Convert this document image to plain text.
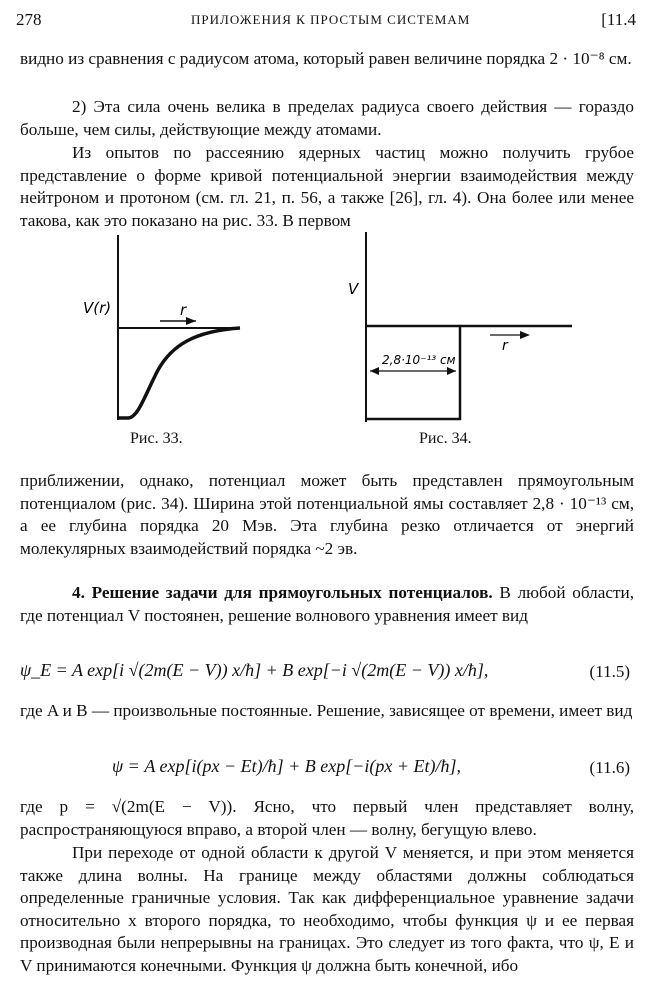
278	ПРИЛОЖЕНИЯ К ПРОСТЫМ СИСТЕМАМ	[11.4
видно из сравнения с радиусом атома, который равен величине порядка 2 · 10⁻⁸ см.
2) Эта сила очень велика в пределах радиуса своего действия — гораздо больше, чем силы, действующие между атомами.
Из опытов по рассеянию ядерных частиц можно получить грубое представление о форме кривой потенциальной энергии взаимодействия между нейтроном и протоном (см. гл. 21, п. 56, а также [26], гл. 4). Она более или менее такова, как это показано на рис. 33. В первом
V(r)	r
Рис. 33.
V
r
2,8·10⁻¹³ см
Рис. 34.
приближении, однако, потенциал может быть представлен прямоугольным потенциалом (рис. 34). Ширина этой потенциальной ямы составляет 2,8 · 10⁻¹³ см, а ее глубина порядка 20 Мэв. Эта глубина резко отличается от энергий молекулярных взаимодействий порядка ~2 эв.
4. Решение задачи для прямоугольных потенциалов. В любой области, где потенциал V постоянен, решение волнового уравнения имеет вид
ψ_E = A exp[i √(2m(E − V)) x/ħ] + B exp[−i √(2m(E − V)) x/ħ],	(11.5)
где A и B — произвольные постоянные. Решение, зависящее от времени, имеет вид
ψ = A exp[i(px − Et)/ħ] + B exp[−i(px + Et)/ħ],	(11.6)
где p = √(2m(E − V)). Ясно, что первый член представляет волну, распространяющуюся вправо, а второй член — волну, бегущую влево.
При переходе от одной области к другой V меняется, и при этом меняется также длина волны. На границе между областями должны соблюдаться определенные граничные условия. Так как дифференциальное уравнение задачи относительно x второго порядка, то необходимо, чтобы функция ψ и ее первая производная были непрерывны на границах. Это следует из того факта, что ψ, E и V принимаются конечными. Функция ψ должна быть конечной, ибо
